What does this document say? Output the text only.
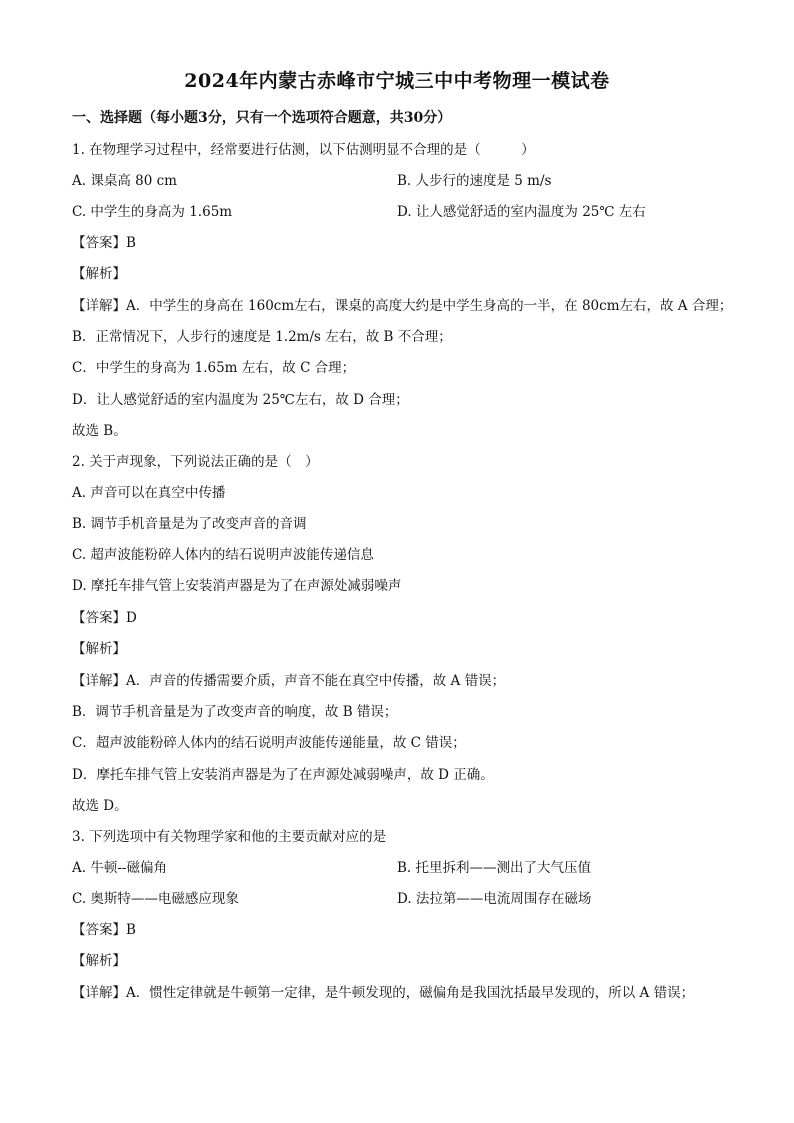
2024年内蒙古赤峰市宁城三中中考物理一模试卷
一、选择题（每小题3分，只有一个选项符合题意，共30分）
1. 在物理学习过程中，经常要进行估测，以下估测明显不合理的是（　　　）
A. 课桌高 80 cm	B. 人步行的速度是 5 m/s
C. 中学生的身高为 1.65m	D. 让人感觉舒适的室内温度为 25℃ 左右
【答案】B
【解析】
【详解】A．中学生的身高在 160cm左右，课桌的高度大约是中学生身高的一半，在 80cm左右，故 A 合理；
B．正常情况下，人步行的速度是 1.2m/s 左右，故 B 不合理；
C．中学生的身高为 1.65m 左右，故 C 合理；
D．让人感觉舒适的室内温度为 25℃左右，故 D 合理；
故选 B。
2. 关于声现象，下列说法正确的是（　）
A. 声音可以在真空中传播
B. 调节手机音量是为了改变声音的音调
C. 超声波能粉碎人体内的结石说明声波能传递信息
D. 摩托车排气管上安装消声器是为了在声源处减弱噪声
【答案】D
【解析】
【详解】A．声音的传播需要介质，声音不能在真空中传播，故 A 错误；
B．调节手机音量是为了改变声音的响度，故 B 错误；
C．超声波能粉碎人体内的结石说明声波能传递能量，故 C 错误；
D．摩托车排气管上安装消声器是为了在声源处减弱噪声，故 D 正确。
故选 D。
3. 下列选项中有关物理学家和他的主要贡献对应的是
A. 牛顿--磁偏角	B. 托里拆利——测出了大气压值
C. 奥斯特——电磁感应现象	D. 法拉第——电流周围存在磁场
【答案】B
【解析】
【详解】A．惯性定律就是牛顿第一定律，是牛顿发现的，磁偏角是我国沈括最早发现的，所以 A 错误；
